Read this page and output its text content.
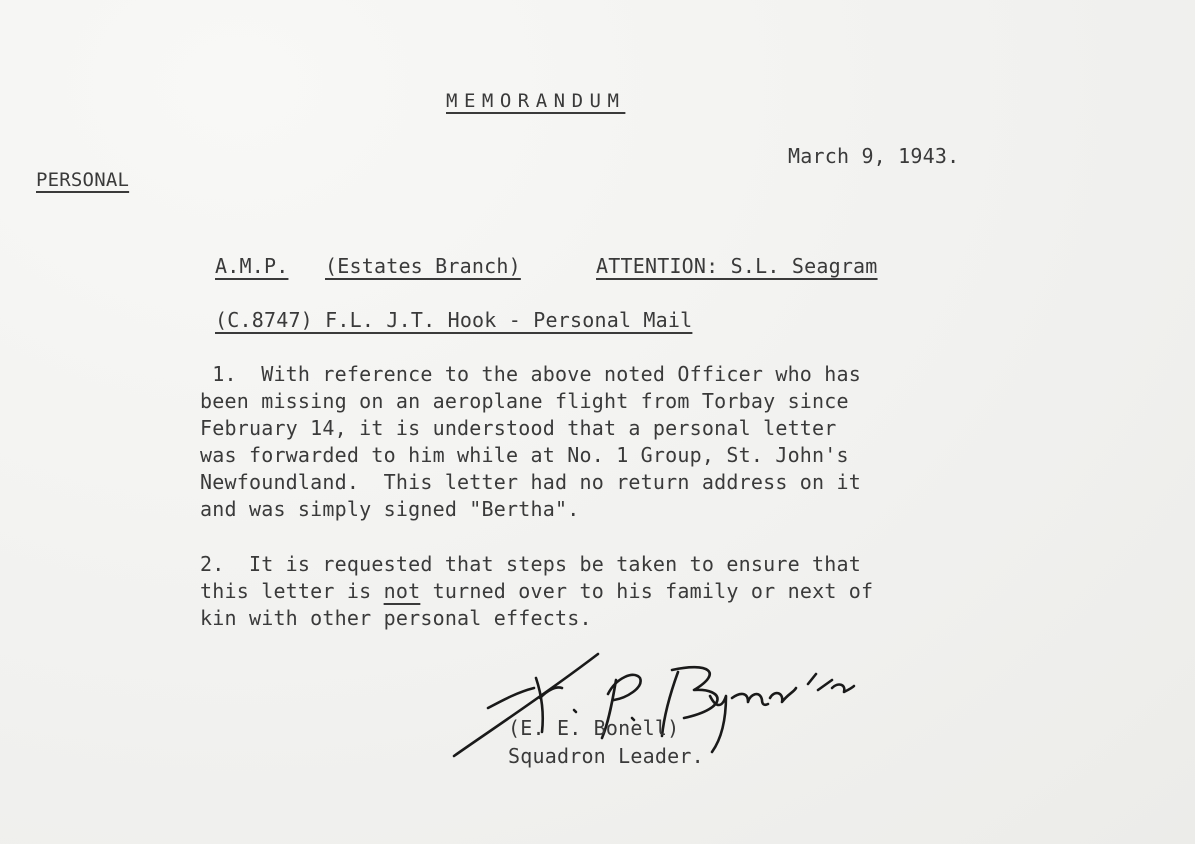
MEMORANDUM
March 9, 1943.
PERSONAL
A.M.P. (Estates Branch)	ATTENTION: S.L. Seagram
(C.8747) F.L. J.T. Hook - Personal Mail
1.  With reference to the above noted Officer who has
been missing on an aeroplane flight from Torbay since
February 14, it is understood that a personal letter
was forwarded to him while at No. 1 Group, St. John's
Newfoundland.  This letter had no return address on it
and was simply signed "Bertha".
2.  It is requested that steps be taken to ensure that
this letter is not turned over to his family or next of
kin with other personal effects.
(E. E. Bonell)
Squadron Leader.
